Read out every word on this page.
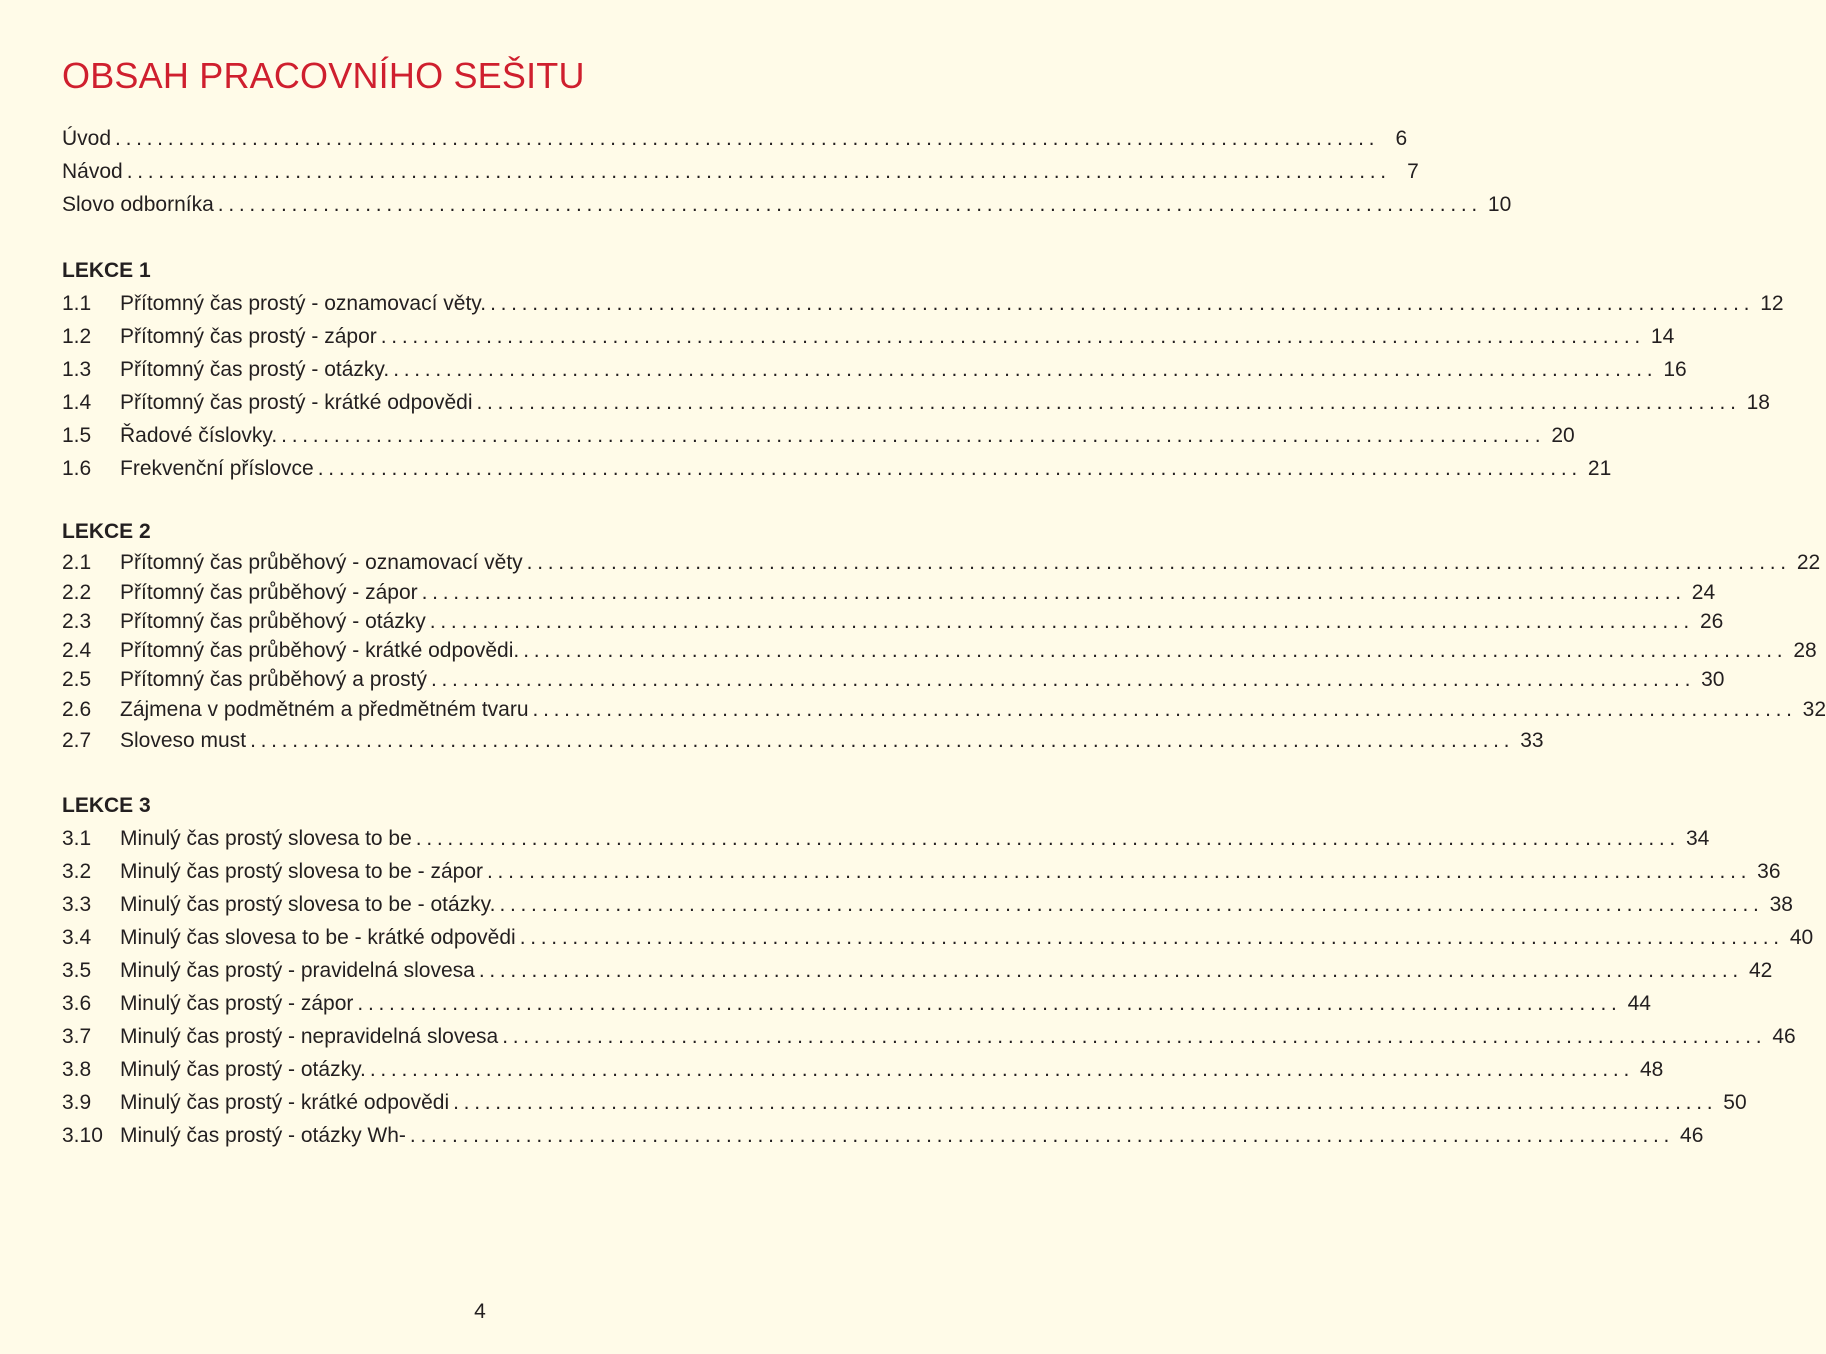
OBSAH PRACOVNÍHO SEŠITU
Úvod ........................................................................................................................ 6
Návod ........................................................................................................................ 7
Slovo odborníka ........................................................................................................................ 10
LEKCE 1
1.1	Přítomný čas prostý - oznamovací věty. ........................................................................................................................ 12
1.2	Přítomný čas prostý - zápor ........................................................................................................................ 14
1.3	Přítomný čas prostý - otázky. ........................................................................................................................ 16
1.4	Přítomný čas prostý - krátké odpovědi ........................................................................................................................ 18
1.5	Řadové číslovky. ........................................................................................................................ 20
1.6	Frekvenční příslovce ........................................................................................................................ 21
LEKCE 2
2.1	Přítomný čas průběhový - oznamovací věty ........................................................................................................................ 22
2.2	Přítomný čas průběhový - zápor ........................................................................................................................ 24
2.3	Přítomný čas průběhový - otázky ........................................................................................................................ 26
2.4	Přítomný čas průběhový - krátké odpovědi. ........................................................................................................................ 28
2.5	Přítomný čas průběhový a prostý ........................................................................................................................ 30
2.6	Zájmena v podmětném a předmětném tvaru ........................................................................................................................ 32
2.7	Sloveso must ........................................................................................................................ 33
LEKCE 3
3.1	Minulý čas prostý slovesa to be ........................................................................................................................ 34
3.2	Minulý čas prostý slovesa to be - zápor ........................................................................................................................ 36
3.3	Minulý čas prostý slovesa to be - otázky. ........................................................................................................................ 38
3.4	Minulý čas slovesa to be - krátké odpovědi ........................................................................................................................ 40
3.5	Minulý čas prostý - pravidelná slovesa ........................................................................................................................ 42
3.6	Minulý čas prostý - zápor ........................................................................................................................ 44
3.7	Minulý čas prostý - nepravidelná slovesa ........................................................................................................................ 46
3.8	Minulý čas prostý - otázky. ........................................................................................................................ 48
3.9	Minulý čas prostý - krátké odpovědi ........................................................................................................................ 50
3.10 Minulý čas prostý - otázky Wh- ........................................................................................................................ 46
4
